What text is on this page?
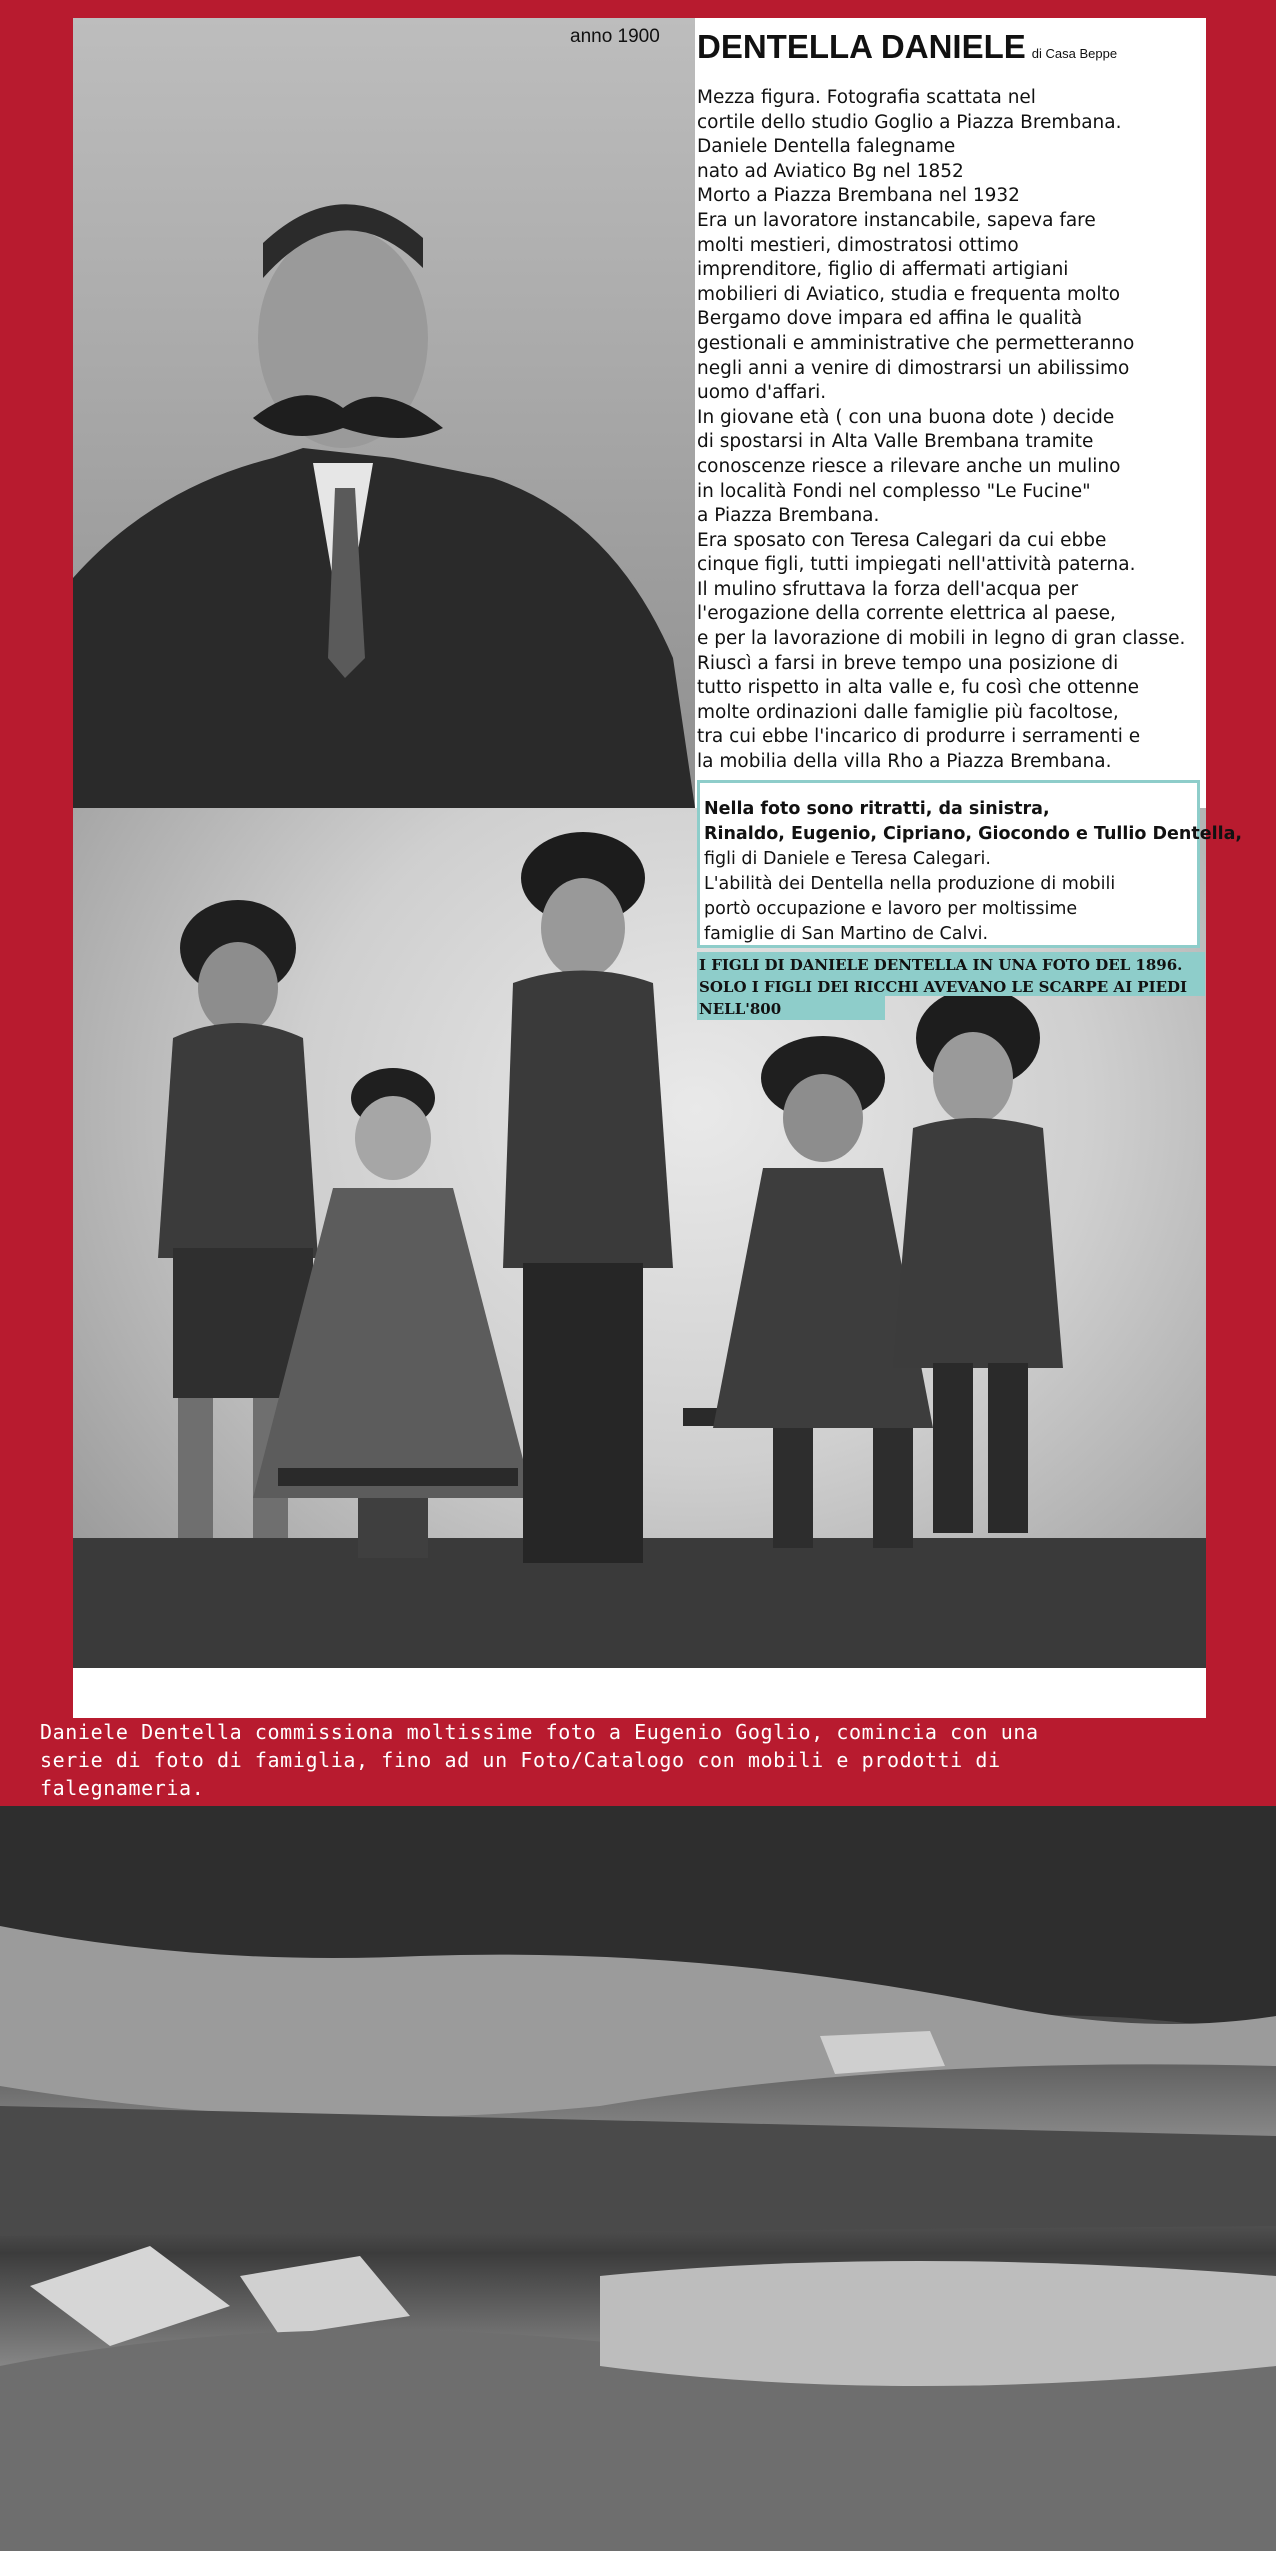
anno 1900 DENTELLA DANIELE di Casa Beppe
Mezza figura. Fotografia scattata nel
cortile dello studio Goglio a Piazza Brembana.
Daniele Dentella falegname
nato ad Aviatico Bg nel 1852
Morto a Piazza Brembana nel 1932
Era un lavoratore instancabile, sapeva fare
molti mestieri, dimostratosi ottimo
imprenditore, figlio di affermati artigiani
mobilieri di Aviatico, studia e frequenta molto
Bergamo dove impara ed affina le qualità
gestionali e amministrative che permetteranno
negli anni a venire di dimostrarsi un abilissimo
uomo d'affari.
In giovane età ( con una buona dote ) decide
di spostarsi in Alta Valle Brembana tramite
conoscenze riesce a rilevare anche un mulino
in località Fondi nel complesso "Le Fucine"
a Piazza Brembana.
Era sposato con Teresa Calegari da cui ebbe
cinque figli, tutti impiegati nell'attività paterna.
Il mulino sfruttava la forza dell'acqua per
l'erogazione della corrente elettrica al paese,
e per la lavorazione di mobili in legno di gran classe.
Riuscì a farsi in breve tempo una posizione di
tutto rispetto in alta valle e, fu così che ottenne
molte ordinazioni dalle famiglie più facoltose,
tra cui ebbe l'incarico di produrre i serramenti e
la mobilia della villa Rho a Piazza Brembana.
Nella foto sono ritratti, da sinistra,
Rinaldo, Eugenio, Cipriano, Giocondo e Tullio Dentella,
figli di Daniele e Teresa Calegari.
L'abilità dei Dentella nella produzione di mobili
portò occupazione e lavoro per moltissime
famiglie di San Martino de Calvi.
I FIGLI DI DANIELE DENTELLA IN UNA FOTO DEL 1896.
SOLO I FIGLI DEI RICCHI AVEVANO LE SCARPE AI PIEDI
NELL'800
Daniele Dentella commissiona moltissime foto a Eugenio Goglio, comincia con una
serie di foto di famiglia, fino ad un Foto/Catalogo con mobili e prodotti di
falegnameria.
